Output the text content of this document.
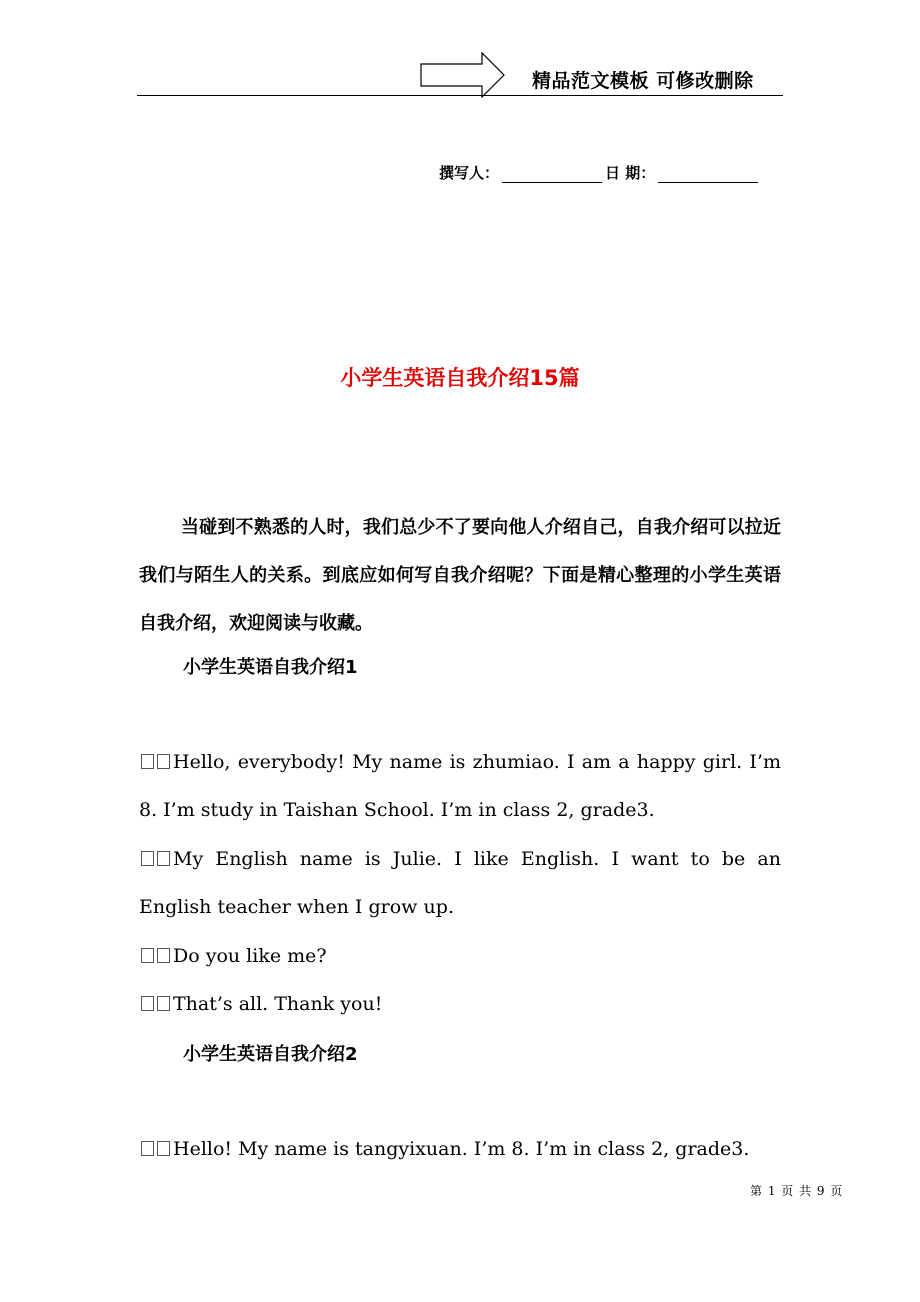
精品范文模板 可修改删除
撰写人：	日 期：
小学生英语自我介绍15篇

当碰到不熟悉的人时，我们总少不了要向他人介绍自己，自我介绍可以拉近我们与陌生人的关系。到底应如何写自我介绍呢？下面是精心整理的小学生英语自我介绍，欢迎阅读与收藏。

小学生英语自我介绍1

Hello, everybody! My name is zhumiao. I am a happy girl. I’m 8. I’m study in Taishan School. I’m in class 2, grade3.

My English name is Julie. I like English. I want to be an English teacher when I grow up.

Do you like me?

That’s all. Thank you!

小学生英语自我介绍2

Hello! My name is tangyixuan. I’m 8. I’m in class 2, grade3.

第 1 页 共 9 页
